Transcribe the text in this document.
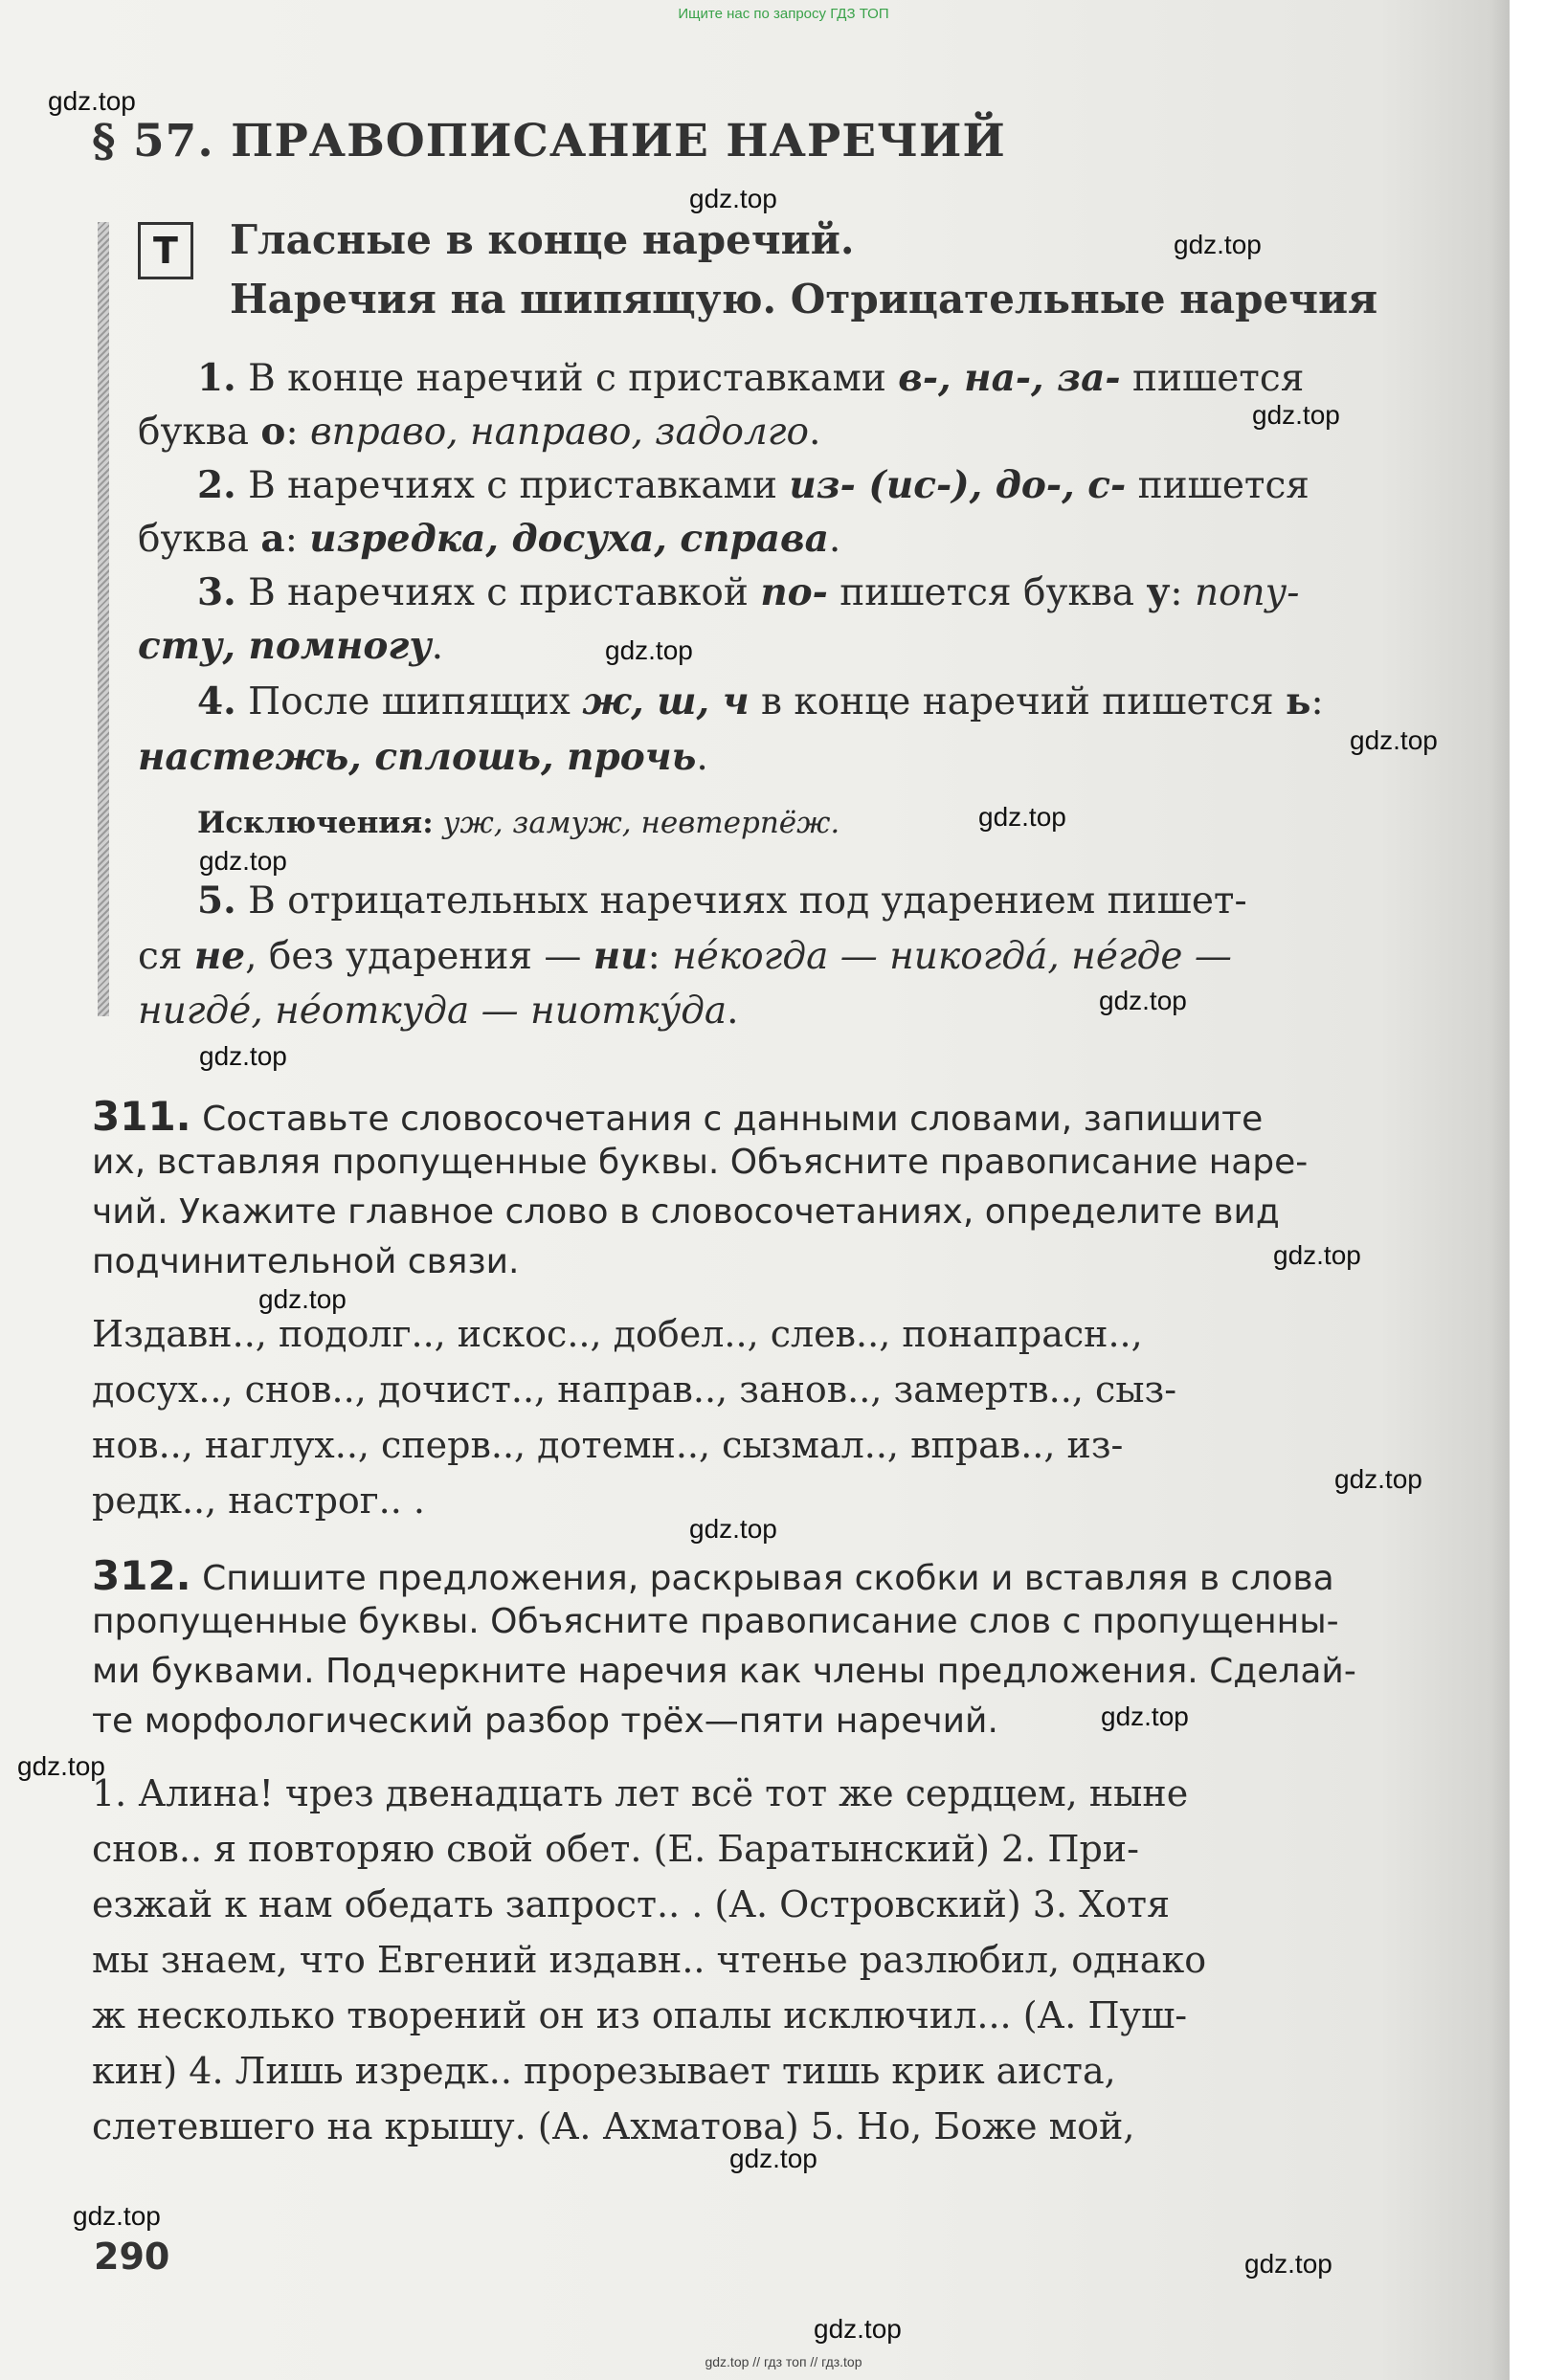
Ищите нас по запросу ГДЗ ТОП
§ 57. ПРАВОПИСАНИЕ НАРЕЧИЙ
Т	Гласные в конце наречий.
Наречия на шипящую. Отрицательные наречия
1. В конце наречий с приставками в-, на-, за- пишется
буква о: вправо, направо, задолго.
2. В наречиях с приставками из- (ис-), до-, с- пишется
буква а: изредка, досуха, справа.
3. В наречиях с приставкой по- пишется буква у: попу-
сту, помногу.
4. После шипящих ж, ш, ч в конце наречий пишется ь:
настежь, сплошь, прочь.
Исключения: уж, замуж, невтерпёж.
5. В отрицательных наречиях под ударением пишет-
ся не, без ударения — ни: не́когда — никогда́, не́где —
нигде́, не́откуда — ниотку́да.
311. Составьте словосочетания с данными словами, запишите
их, вставляя пропущенные буквы. Объясните правописание наре-
чий. Укажите главное слово в словосочетаниях, определите вид
подчинительной связи.
Издавн.., подолг.., искос.., добел.., слев.., понапрасн..,
досух.., снов.., дочист.., направ.., занов.., замертв.., сыз-
нов.., наглух.., сперв.., дотемн.., сызмал.., вправ.., из-
редк.., настрог.. .
312. Спишите предложения, раскрывая скобки и вставляя в слова
пропущенные буквы. Объясните правописание слов с пропущенны-
ми буквами. Подчеркните наречия как члены предложения. Сделай-
те морфологический разбор трёх—пяти наречий.
1. Алина! чрез двенадцать лет всё тот же сердцем, ныне
снов.. я повторяю свой обет. (Е. Баратынский) 2. При-
езжай к нам обедать запрост.. . (А. Островский) 3. Хотя
мы знаем, что Евгений издавн.. чтенье разлюбил, однако
ж несколько творений он из опалы исключил... (А. Пуш-
кин) 4. Лишь изредк.. прорезывает тишь крик аиста,
слетевшего на крышу. (А. Ахматова) 5. Но, Боже мой,
290
gdz.top
gdz.top
gdz.top
gdz.top
gdz.top
gdz.top
gdz.top
gdz.top
gdz.top
gdz.top
gdz.top
gdz.top
gdz.top
gdz.top
gdz.top
gdz.top
gdz.top
gdz.top
gdz.top
gdz.top
gdz.top // гдз топ // гдз.top
